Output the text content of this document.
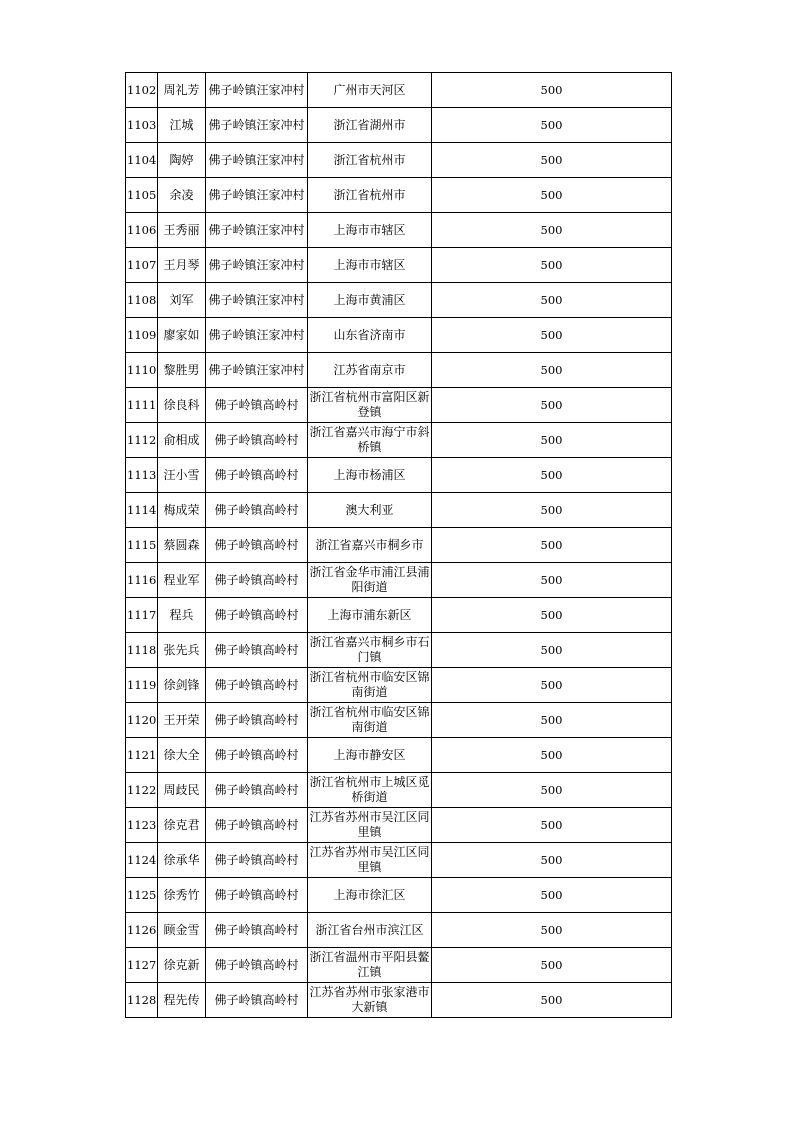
1102	周礼芳	佛子岭镇汪家冲村	广州市天河区	500
1103	江城	佛子岭镇汪家冲村	浙江省湖州市	500
1104	陶婷	佛子岭镇汪家冲村	浙江省杭州市	500
1105	余凌	佛子岭镇汪家冲村	浙江省杭州市	500
1106	王秀丽	佛子岭镇汪家冲村	上海市市辖区	500
1107	王月琴	佛子岭镇汪家冲村	上海市市辖区	500
1108	刘军	佛子岭镇汪家冲村	上海市黄浦区	500
1109	廖家如	佛子岭镇汪家冲村	山东省济南市	500
1110	黎胜男	佛子岭镇汪家冲村	江苏省南京市	500
1111	徐良科	佛子岭镇高岭村	浙江省杭州市富阳区新登镇	500
1112	俞相成	佛子岭镇高岭村	浙江省嘉兴市海宁市斜桥镇	500
1113	汪小雪	佛子岭镇高岭村	上海市杨浦区	500
1114	梅成荣	佛子岭镇高岭村	澳大利亚	500
1115	蔡圆森	佛子岭镇高岭村	浙江省嘉兴市桐乡市	500
1116	程业军	佛子岭镇高岭村	浙江省金华市浦江县浦阳街道	500
1117	程兵	佛子岭镇高岭村	上海市浦东新区	500
1118	张先兵	佛子岭镇高岭村	浙江省嘉兴市桐乡市石门镇	500
1119	徐剑锋	佛子岭镇高岭村	浙江省杭州市临安区锦南街道	500
1120	王开荣	佛子岭镇高岭村	浙江省杭州市临安区锦南街道	500
1121	徐大全	佛子岭镇高岭村	上海市静安区	500
1122	周歧民	佛子岭镇高岭村	浙江省杭州市上城区觅桥街道	500
1123	徐克君	佛子岭镇高岭村	江苏省苏州市吴江区同里镇	500
1124	徐承华	佛子岭镇高岭村	江苏省苏州市吴江区同里镇	500
1125	徐秀竹	佛子岭镇高岭村	上海市徐汇区	500
1126	顾金雪	佛子岭镇高岭村	浙江省台州市滨江区	500
1127	徐克新	佛子岭镇高岭村	浙江省温州市平阳县鳌江镇	500
1128	程先传	佛子岭镇高岭村	江苏省苏州市张家港市大新镇	500
